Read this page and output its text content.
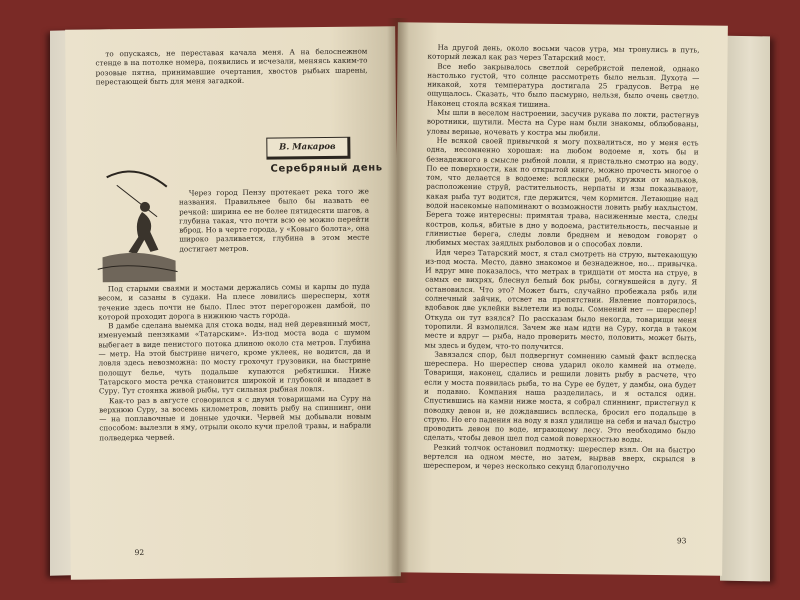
то опускаясь, не переставая качала меня. А на белоснежном стенде в на потолке номера, появились и исчезали, меняясь каким-то розовые пятна, принимавшие очертания, хвостов рыбьих шарены, перестающей быть для меня загадкой.

В. Макаров
Серебряный день

Через город Пензу протекает река того же названия. Правильнее было бы назвать ее речкой: ширина ее не более пятидесяти шагов, а глубина такая, что почти всю ее можно перейти вброд. Но в черте города, у «Ковыго болота», она широко разливается, глубина в этом месте достигает метров.

Под старыми сваями и мостами держались сомы и карпы до пуда весом, и сазаны в судаки. На плесе ловились шересперы, хотя течение здесь почти не было. Плес этот перегорожен дамбой, по которой проходит дорога в нижнюю часть города.

В дамбе сделана выемка для стока воды, над ней деревянный мост, именуемый пензяками «Татарским». Из-под моста вода с шумом выбегает в виде пенистого потока длиною около ста метров. Глубина — метр. На этой быстрине ничего, кроме уклеек, не водится, да и ловля здесь невозможна: по мосту грохочут грузовики, на быстрине полощут белье, чуть подальше купаются ребятишки. Ниже Татарского моста речка становится широкой и глубокой и впадает в Суру. Тут стоянка живой рыбы, тут сильная рыбная ловля.

Как-то раз в августе сговорился я с двумя товарищами на Суру на верхнюю Суру, за восемь километров, ловить рыбу на спиннинг, они — на поплавочные и донные удочки. Червей мы добывали новым способом: вылезли в яму, отрыли около кучи прелой травы, и набрали полведерка червей.

92

На другой день, около восьми часов утра, мы тронулись в путь, который лежал как раз через Татарский мост.

Все небо закрывалось светлой серебристой пеленой, однако настолько густой, что солнце рассмотреть было нельзя. Духота — никакой, хотя температура достигала 25 градусов. Ветра не ощущалось. Сказать, что было пасмурно, нельзя, было очень светло. Наконец стояла всякая тишина.

Мы шли в веселом настроении, засучив рукава по локти, растегнув воротники, шутили. Места на Суре нам были знакомы, облюбованы, уловы верные, ночевать у костра мы любили.

Не всякой своей привычкой я могу похвалиться, но у меня есть одна, несомненно хорошая: на любом водоеме я, хоть бы и безнадежного в смысле рыбной ловли, я пристально смотрю на воду. По ее поверхности, как по открытой книге, можно прочесть многое о том, что делается в водоеме: всплески рыб, кружки от мальков, расположение струй, растительность, нерпаты и язы показывают, какая рыба тут водится, где держится, чем кормится. Летающие над водой насекомые напоминают о возможности ловить рыбу нахлыстом. Берега тоже интересны: примятая трава, насиженные места, следы костров, колья, вбитые в дно у водоема, растительность, песчаные и глинистые берега, следы ловли бреднем и неводом говорят о любимых местах заядлых рыболовов и о способах ловли.

Идя через Татарский мост, я стал смотреть на струю, вытекающую из-под моста. Место, давно знакомое и безнадежное, но... привычка. И вдруг мне показалось, что метрах в тридцати от моста на струе, в самых ее вихрях, блеснул белый бок рыбы, согнувшейся в дугу. Я остановился. Что это? Может быть, случайно пробежала рябь или солнечный зайчик, отсвет на препятствии. Явление повторилось, вдобавок две уклейки вылетели из воды. Сомнений нет — шереспер! Откуда он тут взялся? По рассказам было некогда, товарищи меня торопили. Я взмолился. Зачем же нам идти на Суру, когда в таком месте и вдруг — рыба, надо проверить место, половить, может быть, мы здесь и будем, что-то получится.

Завязался спор, был подвергнут сомнению самый факт всплеска шереспера. Но шереспер снова ударил около камней на отмеле. Товарищи, наконец, сдались и решили ловить рыбу в расчете, что если у моста появилась рыба, то на Суре ее будет, у дамбы, она будет и подавно. Компания наша разделилась, и я остался один. Спустившись на камни ниже моста, я собрал спиннинг, пристегнул к поводку девон и, не дождавшись всплеска, бросил его подальше в струю. Но его падения на воду я взял удилище на себя и начал быстро проводить девон по воде, играющему лесу. Это необходимо было сделать, чтобы девон шел под самой поверхностью воды.

Резкий толчок остановил подмотку: шереспер взял. Он на быстро вертелся на одном месте, но затем, вырвав вверх, скрылся в шереспером, и через несколько секунд благополучно

93
